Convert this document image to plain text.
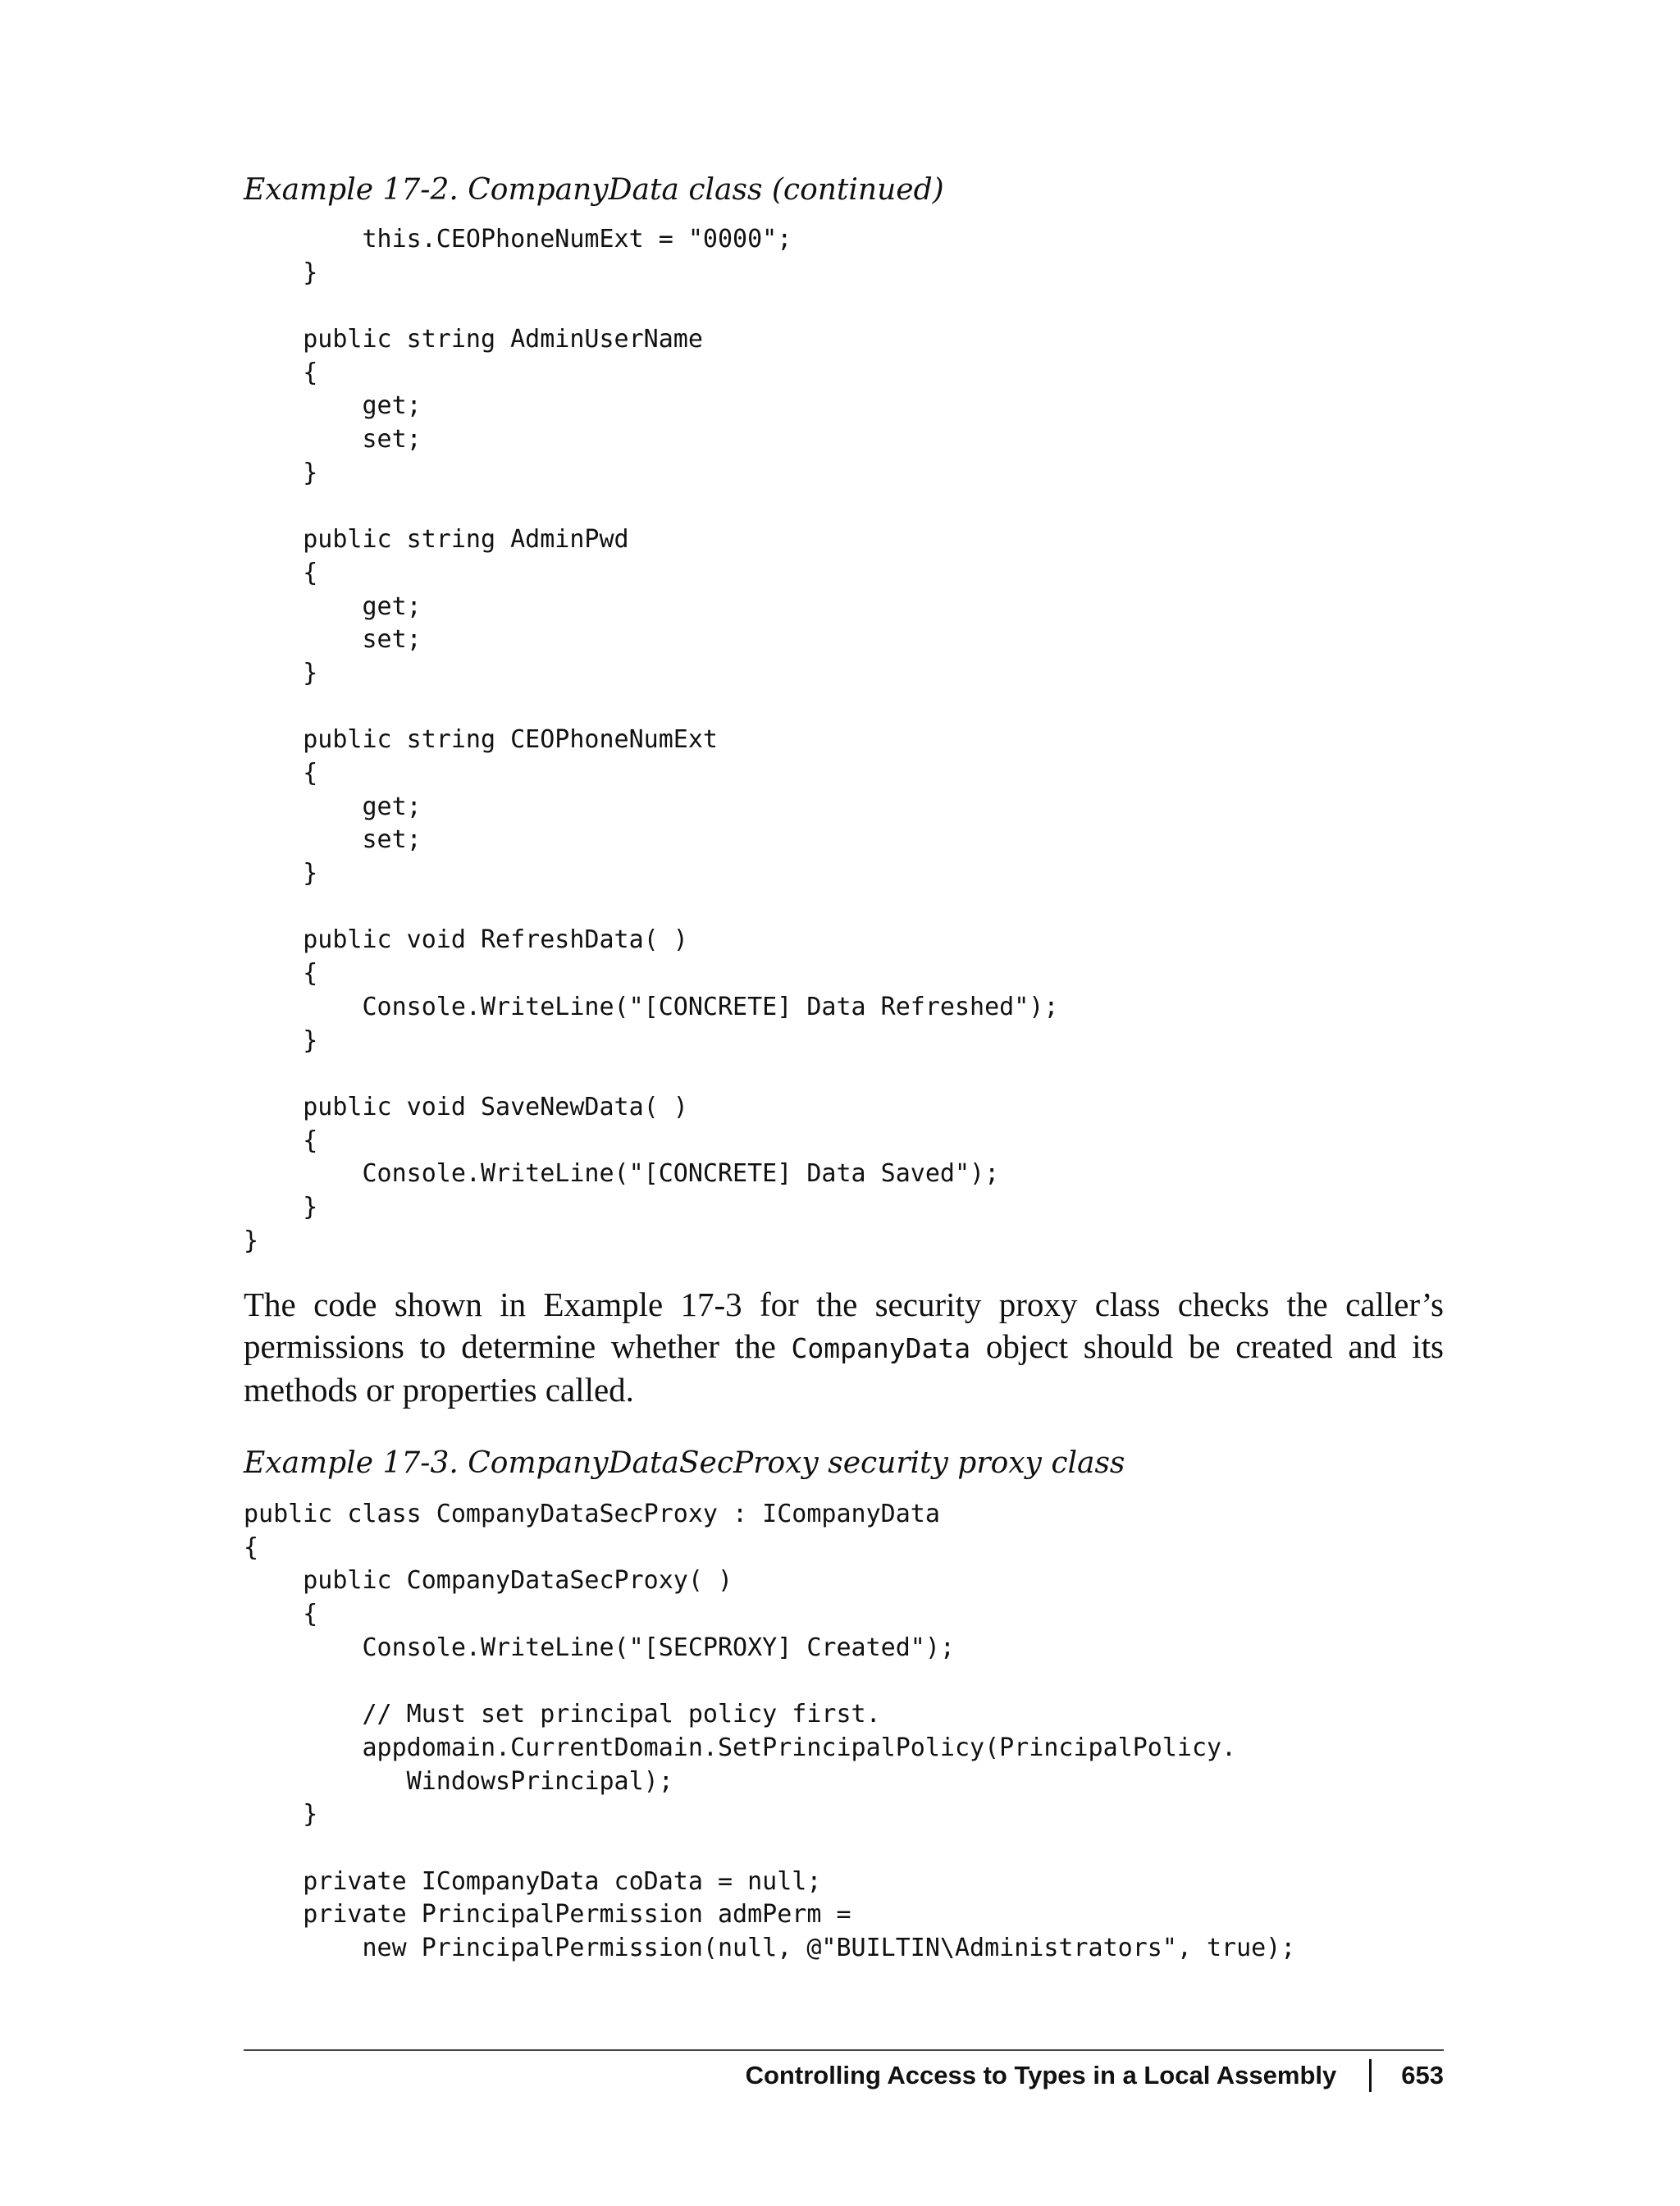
Example 17-2. CompanyData class (continued)
this.CEOPhoneNumExt = "0000";
}
public string AdminUserName
{
get;
set;
}
public string AdminPwd
{
get;
set;
}
public string CEOPhoneNumExt
{
get;
set;
}
public void RefreshData( )
{
Console.WriteLine("[CONCRETE] Data Refreshed");
}
public void SaveNewData( )
{
Console.WriteLine("[CONCRETE] Data Saved");
}
}

The code shown in Example 17-3 for the security proxy class checks the caller’s permissions to determine whether the CompanyData object should be created and its methods or properties called.

Example 17-3. CompanyDataSecProxy security proxy class
public class CompanyDataSecProxy : ICompanyData
{
public CompanyDataSecProxy( )
{
Console.WriteLine("[SECPROXY] Created");
// Must set principal policy first.
appdomain.CurrentDomain.SetPrincipalPolicy(PrincipalPolicy.
WindowsPrincipal);
}
private ICompanyData coData = null;
private PrincipalPermission admPerm =
new PrincipalPermission(null, @"BUILTIN\Administrators", true);
Controlling Access to Types in a Local Assembly	653
